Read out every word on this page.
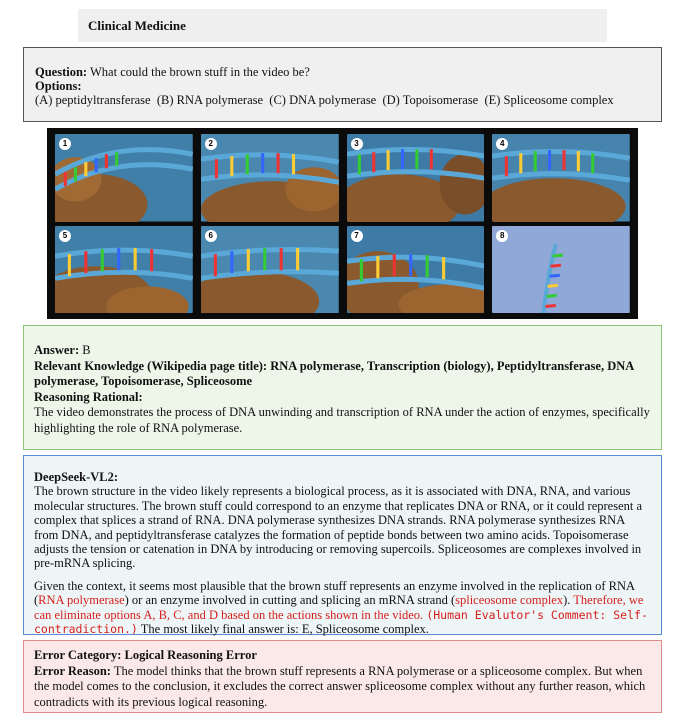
Clinical Medicine
Question: What could the brown stuff in the video be?
Options:
(A) peptidyltransferase  (B) RNA polymerase  (C) DNA polymerase  (D) Topoisomerase  (E) Spliceosome complex
1	2	3	4
5	6	7	8
Answer: B
Relevant Knowledge (Wikipedia page title): RNA polymerase, Transcription (biology), Peptidyltransferase, DNA polymerase, Topoisomerase, Spliceosome
Reasoning Rational:
The video demonstrates the process of DNA unwinding and transcription of RNA under the action of enzymes, specifically highlighting the role of RNA polymerase.

DeepSeek-VL2:

The brown structure in the video likely represents a biological process, as it is associated with DNA, RNA, and various molecular structures. The brown stuff could correspond to an enzyme that replicates DNA or RNA, or it could represent a complex that splices a strand of RNA. DNA polymerase synthesizes DNA strands. RNA polymerase synthesizes RNA from DNA, and peptidyltransferase catalyzes the formation of peptide bonds between two amino acids. Topoisomerase adjusts the tension or catenation in DNA by introducing or removing supercoils. Spliceosomes are complexes involved in pre-mRNA splicing.

Given the context, it seems most plausible that the brown stuff represents an enzyme involved in the replication of RNA (RNA polymerase) or an enzyme involved in cutting and splicing an mRNA strand (spliceosome complex). Therefore, we can eliminate options A, B, C, and D based on the actions shown in the video. (Human Evalutor's Comment: Self-contradiction.) The most likely final answer is: E, Spliceosome complex.

Error Category: Logical Reasoning Error
Error Reason: The model thinks that the brown stuff represents a RNA polymerase or a spliceosome complex. But when the model comes to the conclusion, it excludes the correct answer spliceosome complex without any further reason, which contradicts with its previous logical reasoning.
